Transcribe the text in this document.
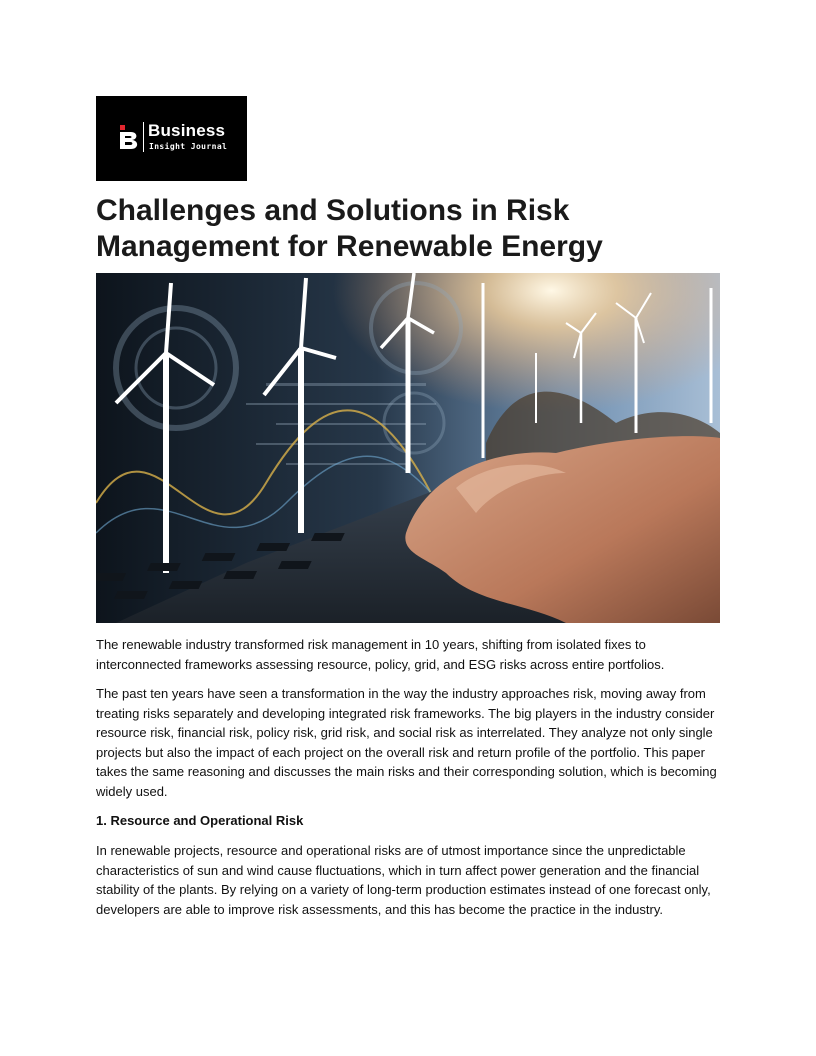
Business
Insight Journal
Challenges and Solutions in Risk Management for Renewable Energy

The renewable industry transformed risk management in 10 years, shifting from isolated fixes to interconnected frameworks assessing resource, policy, grid, and ESG risks across entire portfolios.

The past ten years have seen a transformation in the way the industry approaches risk, moving away from treating risks separately and developing integrated risk frameworks. The big players in the industry consider resource risk, financial risk, policy risk, grid risk, and social risk as interrelated. They analyze not only single projects but also the impact of each project on the overall risk and return profile of the portfolio. This paper takes the same reasoning and discusses the main risks and their corresponding solution, which is becoming widely used.

1. Resource and Operational Risk

In renewable projects, resource and operational risks are of utmost importance since the unpredictable characteristics of sun and wind cause fluctuations, which in turn affect power generation and the financial stability of the plants. By relying on a variety of long-term production estimates instead of one forecast only, developers are able to improve risk assessments, and this has become the practice in the industry.
